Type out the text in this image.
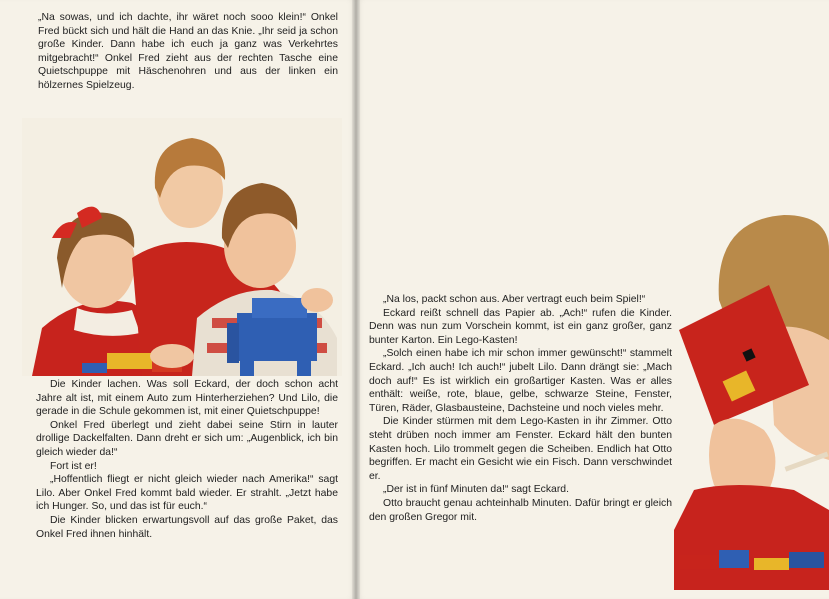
„Na sowas, und ich dachte, ihr wäret noch sooo klein!“ Onkel Fred bückt sich und hält die Hand an das Knie. „Ihr seid ja schon große Kinder. Dann habe ich euch ja ganz was Verkehrtes mitgebracht!“ Onkel Fred zieht aus der rechten Tasche eine Quietschpuppe mit Häschenohren und aus der linken ein hölzernes Spielzeug.

Die Kinder lachen. Was soll Eckard, der doch schon acht Jahre alt ist, mit einem Auto zum Hinterherziehen? Und Lilo, die gerade in die Schule gekommen ist, mit einer Quietschpuppe!

Onkel Fred überlegt und zieht dabei seine Stirn in lauter drollige Dackelfalten. Dann dreht er sich um: „Augenblick, ich bin gleich wieder da!“

Fort ist er!

„Hoffentlich fliegt er nicht gleich wieder nach Amerika!“ sagt Lilo. Aber Onkel Fred kommt bald wieder. Er strahlt. „Jetzt habe ich Hunger. So, und das ist für euch.“

Die Kinder blicken erwartungsvoll auf das große Paket, das Onkel Fred ihnen hinhält.

„Na los, packt schon aus. Aber vertragt euch beim Spiel!“

Eckard reißt schnell das Papier ab. „Ach!“ rufen die Kinder. Denn was nun zum Vorschein kommt, ist ein ganz großer, ganz bunter Karton. Ein Lego-Kasten!

„Solch einen habe ich mir schon immer gewünscht!“ stammelt Eckard. „Ich auch! Ich auch!“ jubelt Lilo. Dann drängt sie: „Mach doch auf!“ Es ist wirklich ein großartiger Kasten. Was er alles enthält: weiße, rote, blaue, gelbe, schwarze Steine, Fenster, Türen, Räder, Glasbausteine, Dachsteine und noch vieles mehr.

Die Kinder stürmen mit dem Lego-Kasten in ihr Zimmer. Otto steht drüben noch immer am Fenster. Eckard hält den bunten Kasten hoch. Lilo trommelt gegen die Scheiben. Endlich hat Otto begriffen. Er macht ein Gesicht wie ein Fisch. Dann verschwindet er.

„Der ist in fünf Minuten da!“ sagt Eckard.

Otto braucht genau achteinhalb Minuten. Dafür bringt er gleich den großen Gregor mit.
